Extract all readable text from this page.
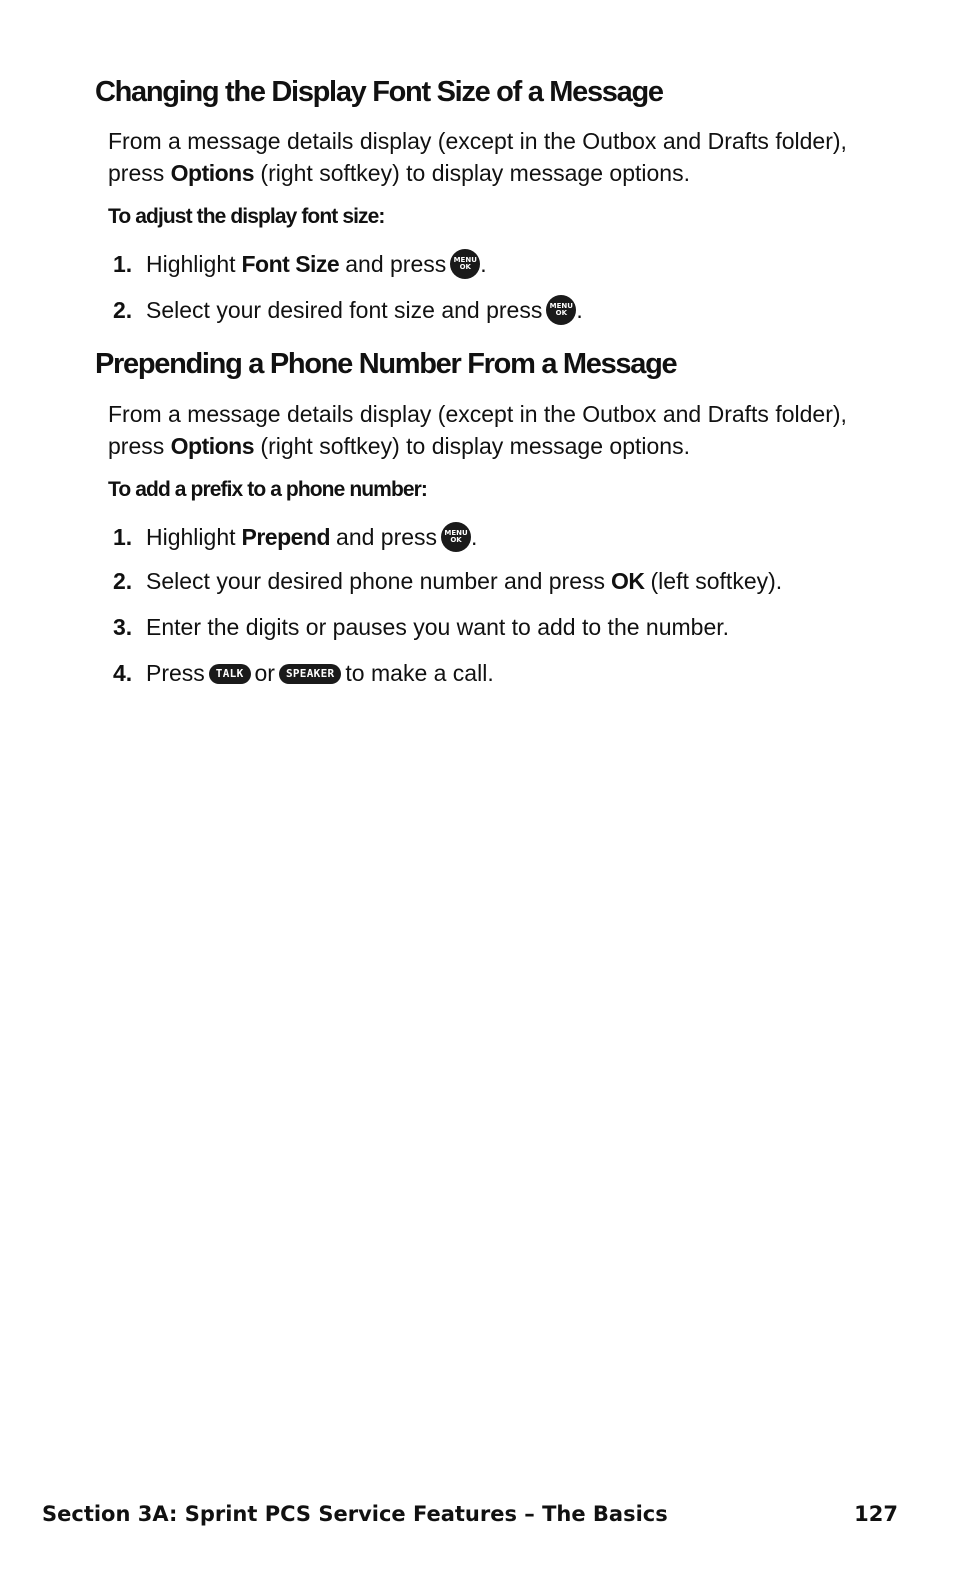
Changing the Display Font Size of a Message

From a message details display (except in the Outbox and Drafts folder),
press Options (right softkey) to display message options.

To adjust the display font size:

1. Highlight Font Size and press MENU
OK .

2. Select your desired font size and press MENU
OK .

Prepending a Phone Number From a Message

From a message details display (except in the Outbox and Drafts folder),
press Options (right softkey) to display message options.

To add a prefix to a phone number:

1. Highlight Prepend and press MENU
OK .

2. Select your desired phone number and press OK (left softkey).

3. Enter the digits or pauses you want to add to the number.

4. Press	TALK or	SPEAKER to make a call.

Section 3A: Sprint PCS Service Features – The Basics	127
